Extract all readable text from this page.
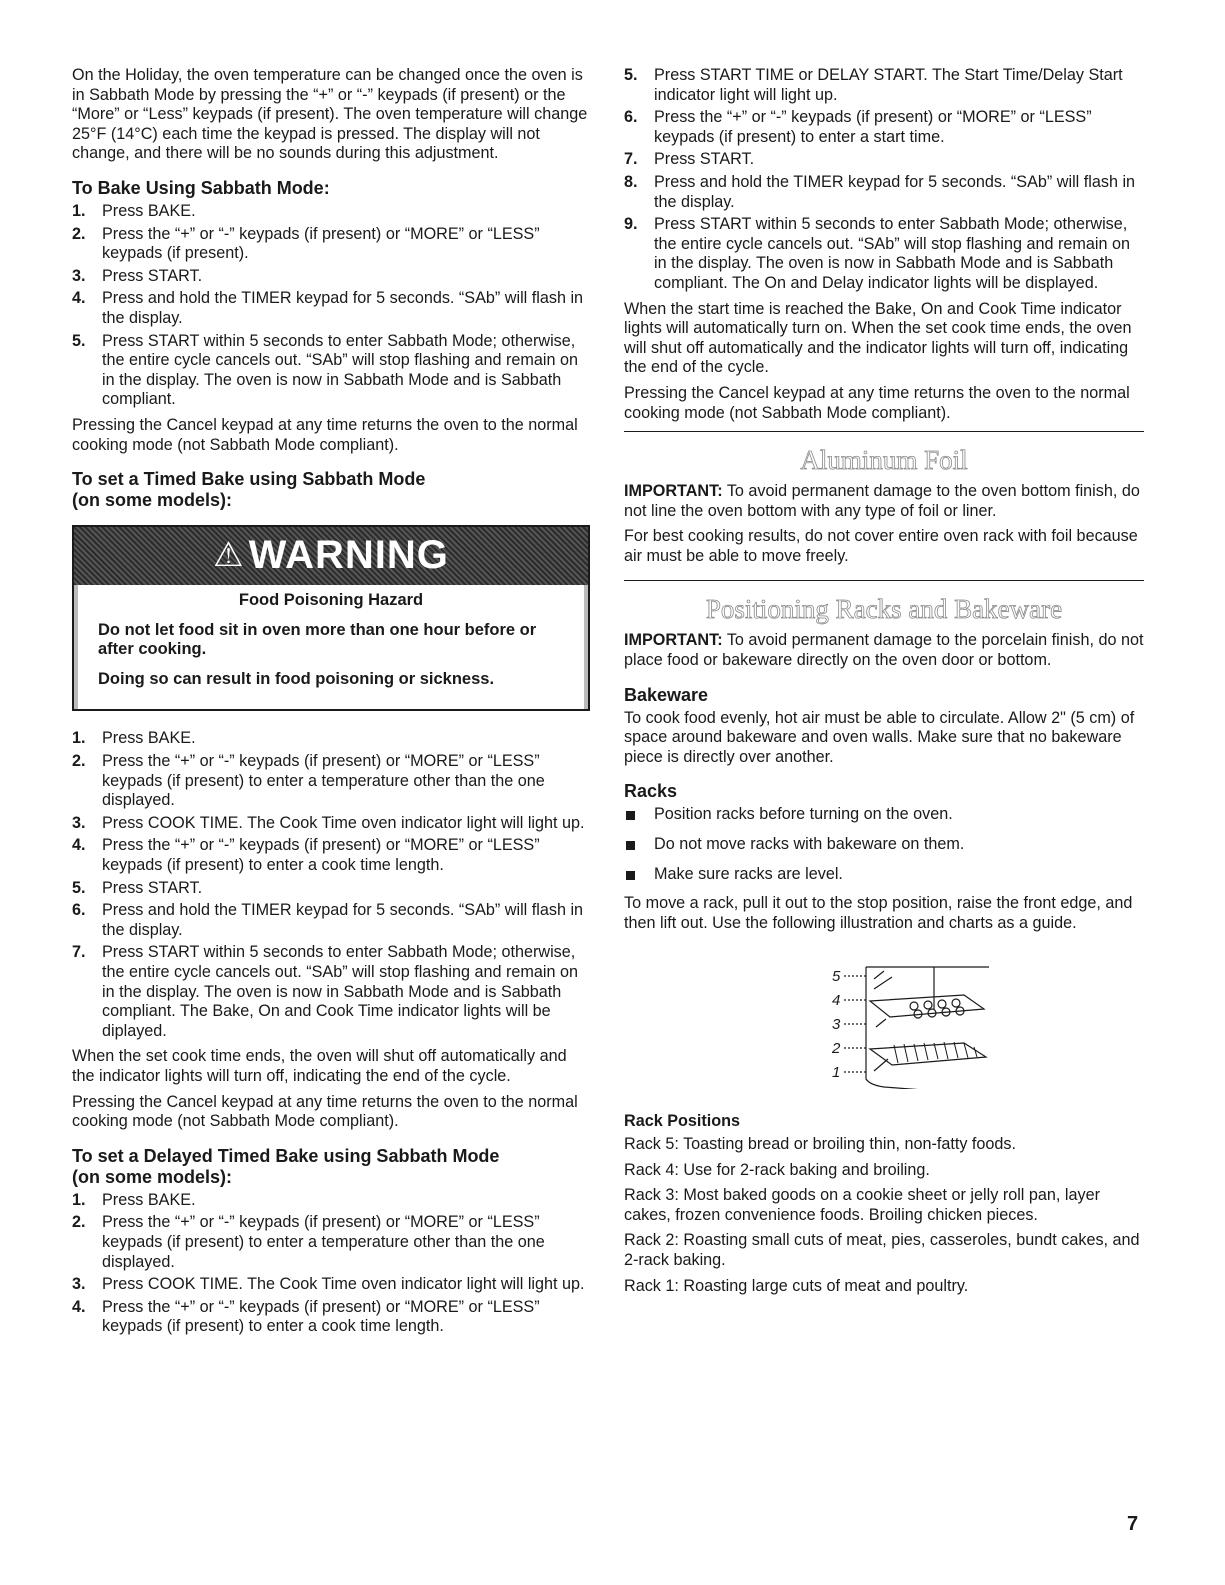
On the Holiday, the oven temperature can be changed once the oven is in Sabbath Mode by pressing the “+” or “-” keypads (if present) or the “More” or “Less” keypads (if present). The oven temperature will change 25°F (14°C) each time the keypad is pressed. The display will not change, and there will be no sounds during this adjustment.

To Bake Using Sabbath Mode:
1. Press BAKE.
2. Press the “+” or “-” keypads (if present) or “MORE” or “LESS” keypads (if present).
3. Press START.
4. Press and hold the TIMER keypad for 5 seconds. “SAb” will flash in the display.
5. Press START within 5 seconds to enter Sabbath Mode; otherwise, the entire cycle cancels out. “SAb” will stop flashing and remain on in the display. The oven is now in Sabbath Mode and is Sabbath compliant.

Pressing the Cancel keypad at any time returns the oven to the normal cooking mode (not Sabbath Mode compliant).

To set a Timed Bake using Sabbath Mode
(on some models):
⚠ WARNING
Food Poisoning Hazard

Do not let food sit in oven more than one hour before or after cooking.

Doing so can result in food poisoning or sickness.

1. Press BAKE.
2. Press the “+” or “-” keypads (if present) or “MORE” or “LESS” keypads (if present) to enter a temperature other than the one displayed.
3. Press COOK TIME. The Cook Time oven indicator light will light up.
4. Press the “+” or “-” keypads (if present) or “MORE” or “LESS” keypads (if present) to enter a cook time length.
5. Press START.
6. Press and hold the TIMER keypad for 5 seconds. “SAb” will flash in the display.
7. Press START within 5 seconds to enter Sabbath Mode; otherwise, the entire cycle cancels out. “SAb” will stop flashing and remain on in the display. The oven is now in Sabbath Mode and is Sabbath compliant. The Bake, On and Cook Time indicator lights will be diplayed.

When the set cook time ends, the oven will shut off automatically and the indicator lights will turn off, indicating the end of the cycle.

Pressing the Cancel keypad at any time returns the oven to the normal cooking mode (not Sabbath Mode compliant).

To set a Delayed Timed Bake using Sabbath Mode
(on some models):
1. Press BAKE.
2. Press the “+” or “-” keypads (if present) or “MORE” or “LESS” keypads (if present) to enter a temperature other than the one displayed.
3. Press COOK TIME. The Cook Time oven indicator light will light up.
4. Press the “+” or “-” keypads (if present) or “MORE” or “LESS” keypads (if present) to enter a cook time length.
5. Press START TIME or DELAY START. The Start Time/Delay Start indicator light will light up.
6. Press the “+” or “-” keypads (if present) or “MORE” or “LESS” keypads (if present) to enter a start time.
7. Press START.
8. Press and hold the TIMER keypad for 5 seconds. “SAb” will flash in the display.
9. Press START within 5 seconds to enter Sabbath Mode; otherwise, the entire cycle cancels out. “SAb” will stop flashing and remain on in the display. The oven is now in Sabbath Mode and is Sabbath compliant. The On and Delay indicator lights will be displayed.

When the start time is reached the Bake, On and Cook Time indicator lights will automatically turn on. When the set cook time ends, the oven will shut off automatically and the indicator lights will turn off, indicating the end of the cycle.

Pressing the Cancel keypad at any time returns the oven to the normal cooking mode (not Sabbath Mode compliant).

Aluminum Foil

IMPORTANT: To avoid permanent damage to the oven bottom finish, do not line the oven bottom with any type of foil or liner.

For best cooking results, do not cover entire oven rack with foil because air must be able to move freely.

Positioning Racks and Bakeware

IMPORTANT: To avoid permanent damage to the porcelain finish, do not place food or bakeware directly on the oven door or bottom.

Bakeware

To cook food evenly, hot air must be able to circulate. Allow 2" (5 cm) of space around bakeware and oven walls. Make sure that no bakeware piece is directly over another.

Racks
Position racks before turning on the oven.
Do not move racks with bakeware on them.
Make sure racks are level.

To move a rack, pull it out to the stop position, raise the front edge, and then lift out. Use the following illustration and charts as a guide.

5
4
3
2
1
Rack Positions

Rack 5: Toasting bread or broiling thin, non-fatty foods.

Rack 4: Use for 2-rack baking and broiling.

Rack 3: Most baked goods on a cookie sheet or jelly roll pan, layer cakes, frozen convenience foods. Broiling chicken pieces.

Rack 2: Roasting small cuts of meat, pies, casseroles, bundt cakes, and 2-rack baking.

Rack 1: Roasting large cuts of meat and poultry.

7
